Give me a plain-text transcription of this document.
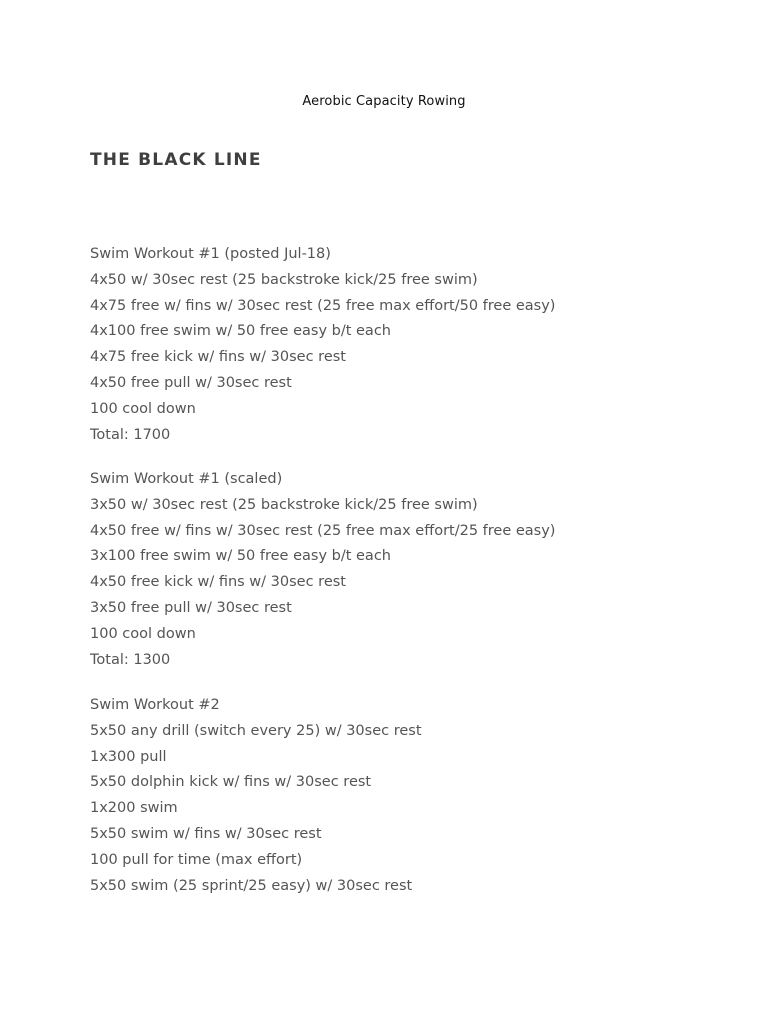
Aerobic Capacity Rowing
THE BLACK LINE
Swim Workout #1 (posted Jul-18)
4x50 w/ 30sec rest (25 backstroke kick/25 free swim)
4x75 free w/ fins w/ 30sec rest (25 free max effort/50 free easy)
4x100 free swim w/ 50 free easy b/t each
4x75 free kick w/ fins w/ 30sec rest
4x50 free pull w/ 30sec rest
100 cool down
Total: 1700
Swim Workout #1 (scaled)
3x50 w/ 30sec rest (25 backstroke kick/25 free swim)
4x50 free w/ fins w/ 30sec rest (25 free max effort/25 free easy)
3x100 free swim w/ 50 free easy b/t each
4x50 free kick w/ fins w/ 30sec rest
3x50 free pull w/ 30sec rest
100 cool down
Total: 1300
Swim Workout #2
5x50 any drill (switch every 25) w/ 30sec rest
1x300 pull
5x50 dolphin kick w/ fins w/ 30sec rest
1x200 swim
5x50 swim w/ fins w/ 30sec rest
100 pull for time (max effort)
5x50 swim (25 sprint/25 easy) w/ 30sec rest
